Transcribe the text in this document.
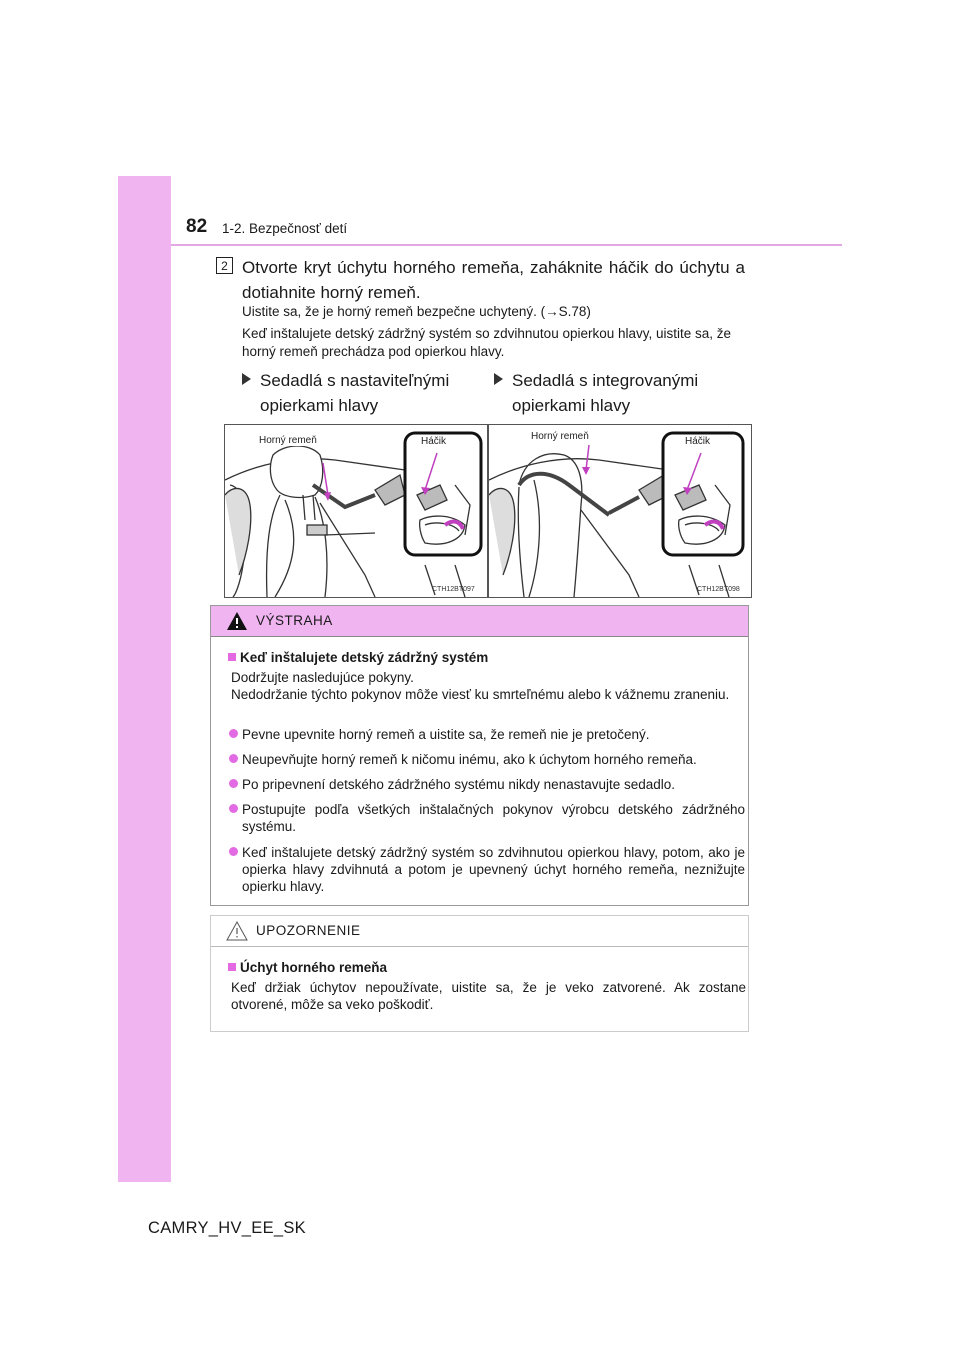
82 1-2. Bezpečnosť detí
2 Otvorte kryt úchytu horného remeňa, zaháknite háčik do úchytu a dotiahnite horný remeň.
Uistite sa, že je horný remeň bezpečne uchytený. (→S.78)
Keď inštalujete detský zádržný systém so zdvihnutou opierkou hlavy, uistite sa, že horný remeň prechádza pod opierkou hlavy.
Sedadlá s nastaviteľnými
opierkami hlavy
Sedadlá s integrovanými
opierkami hlavy
Horný remeň	Háčik
CTH12BT097
Horný remeň	Háčik
CTH12BT098
VÝSTRAHA
Keď inštalujete detský zádržný systém
Dodržujte nasledujúce pokyny.
Nedodržanie týchto pokynov môže viesť ku smrteľnému alebo k vážnemu zraneniu.
Pevne upevnite horný remeň a uistite sa, že remeň nie je pretočený.
Neupevňujte horný remeň k ničomu inému, ako k úchytom horného remeňa.
Po pripevnení detského zádržného systému nikdy nenastavujte sedadlo.
Postupujte podľa všetkých inštalačných pokynov výrobcu detského zádržného systému.
Keď inštalujete detský zádržný systém so zdvihnutou opierkou hlavy, potom, ako je opierka hlavy zdvihnutá a potom je upevnený úchyt horného remeňa, neznižujte opierku hlavy.
UPOZORNENIE
Úchyt horného remeňa
Keď držiak úchytov nepoužívate, uistite sa, že je veko zatvorené. Ak zostane otvorené, môže sa veko poškodiť.
CAMRY_HV_EE_SK
